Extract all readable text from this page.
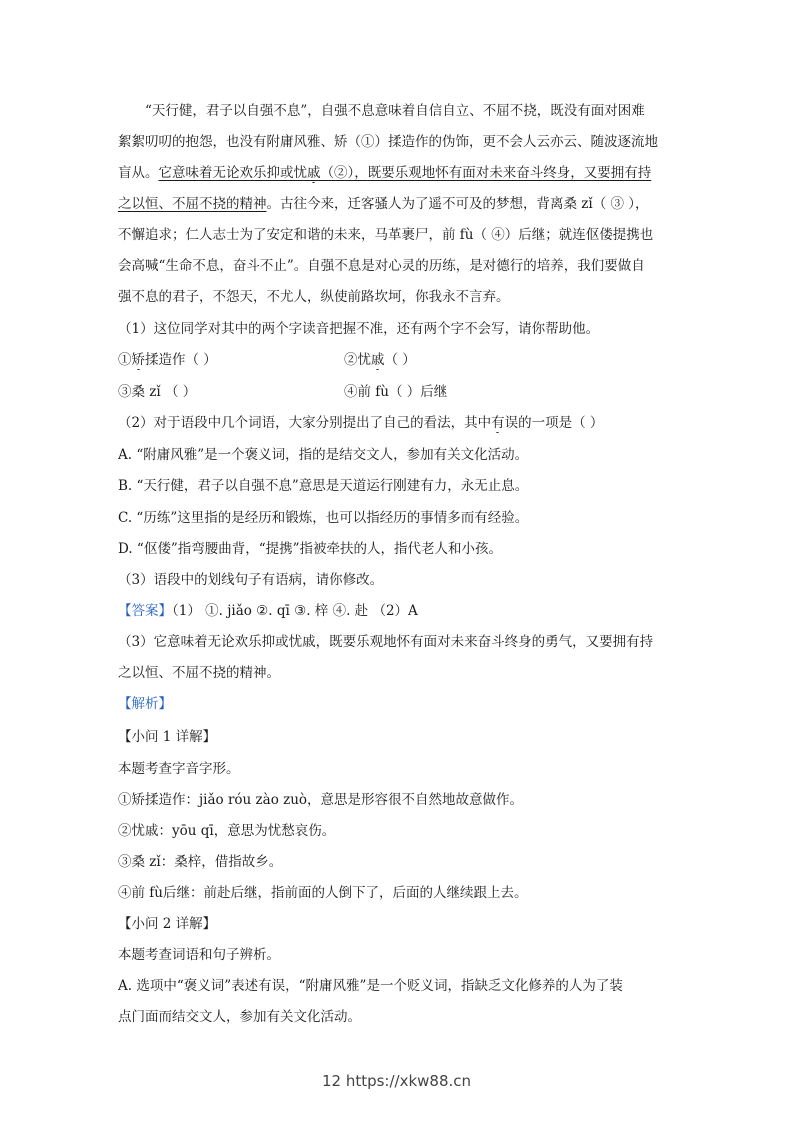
“天行健，君子以自强不息”，自强不息意味着自信自立、不屈不挠，既没有面对困难
絮絮叨叨的抱怨，也没有附庸风雅、矫（①）揉造作的伪饰，更不会人云亦云、随波逐流地
盲从。它意味着无论欢乐抑或忧戚（②），既要乐观地怀有面对未来奋斗终身，又要拥有持
之以恒、不屈不挠的精神。古往今来，迁客骚人为了遥不可及的梦想，背离桑 zǐ（ ③ ），
不懈追求；仁人志士为了安定和谐的未来，马革裹尸，前 fù（ ④）后继；就连伛偻提携也
会高喊“生命不息，奋斗不止”。自强不息是对心灵的历练，是对德行的培养，我们要做自
强不息的君子，不怨天，不尤人，纵使前路坎坷，你我永不言弃。
（1）这位同学对其中的两个字读音把握不准，还有两个字不会写，请你帮助他。
①矫揉造作（ ）	②忧戚（ ）
③桑 zǐ （ ）	④前 fù（ ）后继
（2）对于语段中几个词语，大家分别提出了自己的看法，其中有误的一项是（ ）
A. “附庸风雅”是一个褒义词，指的是结交文人，参加有关文化活动。
B. “天行健，君子以自强不息”意思是天道运行刚建有力，永无止息。
C. “历练”这里指的是经历和锻炼，也可以指经历的事情多而有经验。
D. “伛偻”指弯腰曲背，“提携”指被牵扶的人，指代老人和小孩。
（3）语段中的划线句子有语病，请你修改。
【答案】（1） ①. jiǎo ②. qī ③. 梓 ④. 赴 （2）A
（3）它意味着无论欢乐抑或忧戚，既要乐观地怀有面对未来奋斗终身的勇气，又要拥有持
之以恒、不屈不挠的精神。
【解析】
【小问 1 详解】
本题考查字音字形。
①矫揉造作：jiǎo róu zào zuò，意思是形容很不自然地故意做作。
②忧戚：yōu qī，意思为忧愁哀伤。
③桑 zǐ：桑梓，借指故乡。
④前 fù后继：前赴后继，指前面的人倒下了，后面的人继续跟上去。
【小问 2 详解】
本题考查词语和句子辨析。
A. 选项中“褒义词”表述有误，“附庸风雅”是一个贬义词，指缺乏文化修养的人为了装
点门面而结交文人，参加有关文化活动。
12 https://xkw88.cn
